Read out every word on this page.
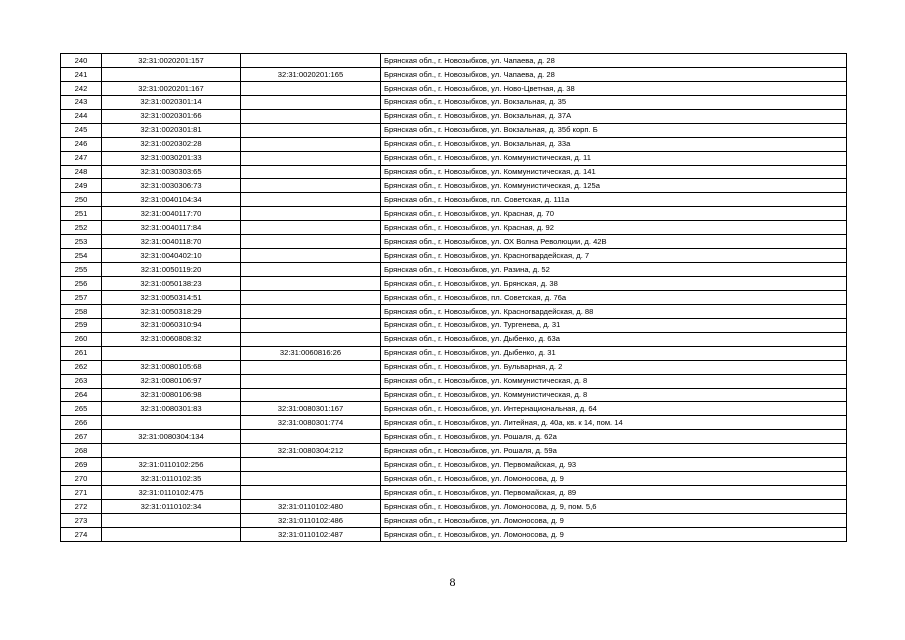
240	32:31:0020201:157		Брянская обл., г. Новозыбков, ул. Чапаева, д. 28
241		32:31:0020201:165	Брянская обл., г. Новозыбков, ул. Чапаева, д. 28
242	32:31:0020201:167		Брянская обл., г. Новозыбков, ул. Ново-Цветная, д. 38
243	32:31:0020301:14		Брянская обл., г. Новозыбков, ул. Вокзальная, д. 35
244	32:31:0020301:66		Брянская обл., г. Новозыбков, ул. Вокзальная, д. 37А
245	32:31:0020301:81		Брянская обл., г. Новозыбков, ул. Вокзальная, д. 35б корп. Б
246	32:31:0020302:28		Брянская обл., г. Новозыбков, ул. Вокзальная, д. 33а
247	32:31:0030201:33		Брянская обл., г. Новозыбков, ул. Коммунистическая, д. 11
248	32:31:0030303:65		Брянская обл., г. Новозыбков, ул. Коммунистическая, д. 141
249	32:31:0030306:73		Брянская обл., г. Новозыбков, ул. Коммунистическая, д. 125а
250	32:31:0040104:34		Брянская обл., г. Новозыбков, пл. Советская, д. 111а
251	32:31:0040117:70		Брянская обл., г. Новозыбков, ул. Красная, д. 70
252	32:31:0040117:84		Брянская обл., г. Новозыбков, ул. Красная, д. 92
253	32:31:0040118:70		Брянская обл., г. Новозыбков, ул. ОХ Волна Революции, д. 42В
254	32:31:0040402:10		Брянская обл., г. Новозыбков, ул. Красногвардейская, д. 7
255	32:31:0050119:20		Брянская обл., г. Новозыбков, ул. Разина, д. 52
256	32:31:0050138:23		Брянская обл., г. Новозыбков, ул. Брянская, д. 38
257	32:31:0050314:51		Брянская обл., г. Новозыбков, пл. Советская, д. 76а
258	32:31:0050318:29		Брянская обл., г. Новозыбков, ул. Красногвардейская, д. 88
259	32:31:0060310:94		Брянская обл., г. Новозыбков, ул. Тургенева, д. 31
260	32:31:0060808:32		Брянская обл., г. Новозыбков, ул. Дыбенко, д. 63а
261		32:31:0060816:26	Брянская обл., г. Новозыбков, ул. Дыбенко, д. 31
262	32:31:0080105:68		Брянская обл., г. Новозыбков, ул. Бульварная, д. 2
263	32:31:0080106:97		Брянская обл., г. Новозыбков, ул. Коммунистическая, д. 8
264	32:31:0080106:98		Брянская обл., г. Новозыбков, ул. Коммунистическая, д. 8
265	32:31:0080301:83	32:31:0080301:167	Брянская обл., г. Новозыбков, ул. Интернациональная, д. 64
266		32:31:0080301:774	Брянская обл., г. Новозыбков, ул. Литейная, д. 40а, кв. к 14, пом. 14
267	32:31:0080304:134		Брянская обл., г. Новозыбков, ул. Рошаля, д. 62а
268		32:31:0080304:212	Брянская обл., г. Новозыбков, ул. Рошаля, д. 59а
269	32:31:0110102:256		Брянская обл., г. Новозыбков, ул. Первомайская, д. 93
270	32:31:0110102:35		Брянская обл., г. Новозыбков, ул. Ломоносова, д. 9
271	32:31:0110102:475		Брянская обл., г. Новозыбков, ул. Первомайская, д. 89
272	32:31:0110102:34	32:31:0110102:480	Брянская обл., г. Новозыбков, ул. Ломоносова, д. 9, пом. 5,6
273		32:31:0110102:486	Брянская обл., г. Новозыбков, ул. Ломоносова, д. 9
274		32:31:0110102:487	Брянская обл., г. Новозыбков, ул. Ломоносова, д. 9
8
